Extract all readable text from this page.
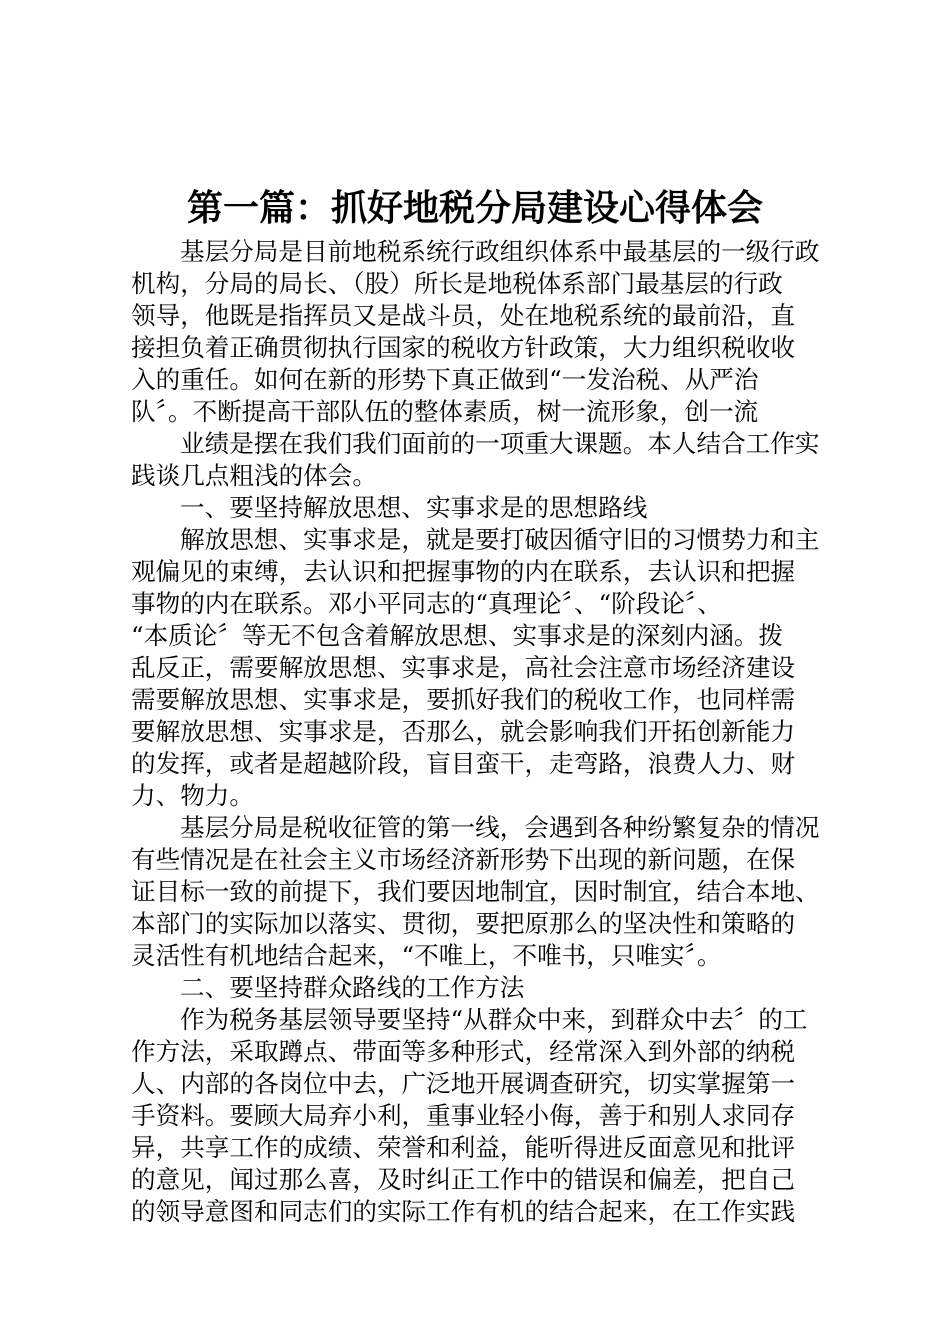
第一篇：抓好地税分局建设心得体会
基层分局是目前地税系统行政组织体系中最基层的一级行政
机构，分局的局长、（股）所长是地税体系部门最基层的行政
领导，他既是指挥员又是战斗员，处在地税系统的最前沿，直
接担负着正确贯彻执行国家的税收方针政策，大力组织税收收
入的重任。如何在新的形势下真正做到“一发治税、从严治
队〞。不断提高干部队伍的整体素质，树一流形象，创一流
业绩是摆在我们我们面前的一项重大课题。本人结合工作实
践谈几点粗浅的体会。
一、要坚持解放思想、实事求是的思想路线
解放思想、实事求是，就是要打破因循守旧的习惯势力和主
观偏见的束缚，去认识和把握事物的内在联系，去认识和把握
事物的内在联系。邓小平同志的“真理论〞、“阶段论〞、
“本质论〞等无不包含着解放思想、实事求是的深刻内涵。拨
乱反正，需要解放思想、实事求是，高社会注意市场经济建设
需要解放思想、实事求是，要抓好我们的税收工作，也同样需
要解放思想、实事求是，否那么，就会影响我们开拓创新能力
的发挥，或者是超越阶段，盲目蛮干，走弯路，浪费人力、财
力、物力。
基层分局是税收征管的第一线，会遇到各种纷繁复杂的情况
有些情况是在社会主义市场经济新形势下出现的新问题，在保
证目标一致的前提下，我们要因地制宜，因时制宜，结合本地、
本部门的实际加以落实、贯彻，要把原那么的坚决性和策略的
灵活性有机地结合起来，“不唯上，不唯书，只唯实〞。
二、要坚持群众路线的工作方法
作为税务基层领导要坚持“从群众中来，到群众中去〞的工
作方法，采取蹲点、带面等多种形式，经常深入到外部的纳税
人、内部的各岗位中去，广泛地开展调查研究，切实掌握第一
手资料。要顾大局弃小利，重事业轻小侮，善于和别人求同存
异，共享工作的成绩、荣誉和利益，能听得进反面意见和批评
的意见，闻过那么喜，及时纠正工作中的错误和偏差，把自己
的领导意图和同志们的实际工作有机的结合起来，在工作实践
